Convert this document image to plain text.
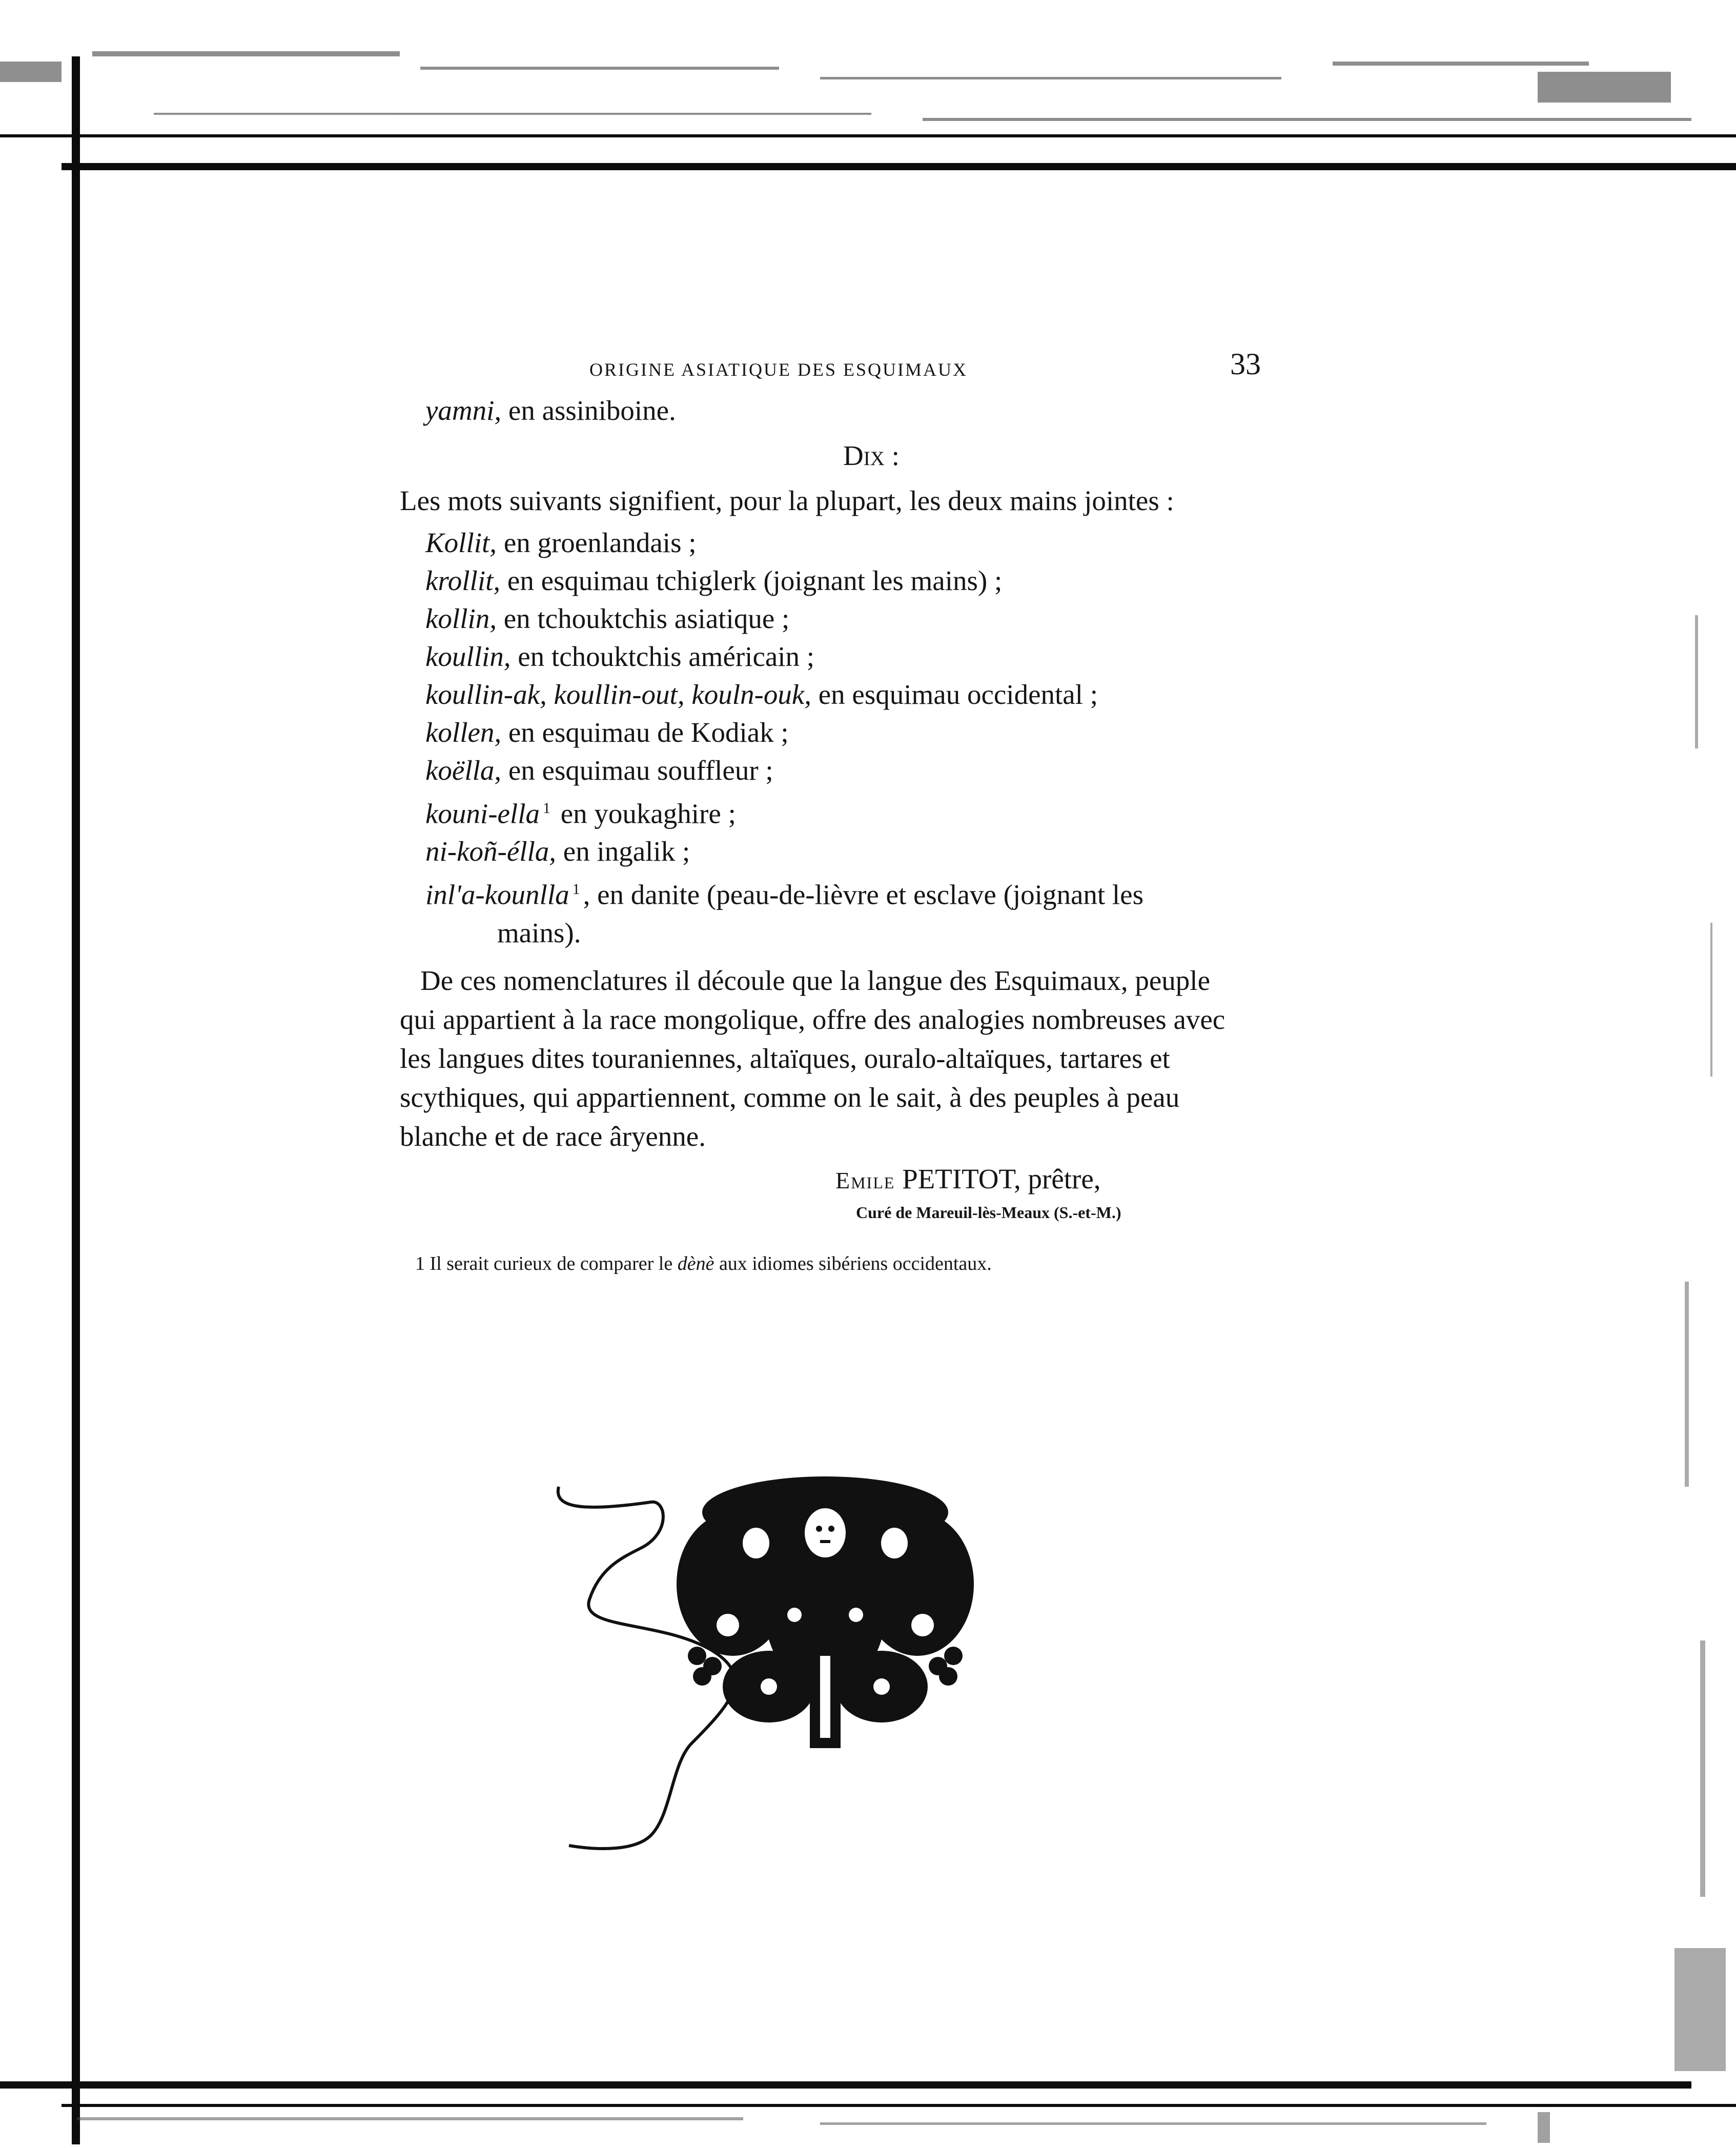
ORIGINE ASIATIQUE DES ESQUIMAUX	33
yamni, en assiniboine.
Dix :
Les mots suivants signifient, pour la plupart, les deux mains jointes :
Kollit, en groenlandais ;
krollit, en esquimau tchiglerk (joignant les mains) ;
kollin, en tchouktchis asiatique ;
koullin, en tchouktchis américain ;
koullin-ak, koullin-out, kouln-ouk, en esquimau occidental ;
kollen, en esquimau de Kodiak ;
koëlla, en esquimau souffleur ;
kouni-ella $^1$ en youkaghire ;
ni-koñ-élla, en ingalik ;
inl'a-kounlla $^1$ , en danite (peau-de-lièvre et esclave (joignant les
mains).
De ces nomenclatures il découle que la langue des Esquimaux, peuple
qui appartient à la race mongolique, offre des analogies nombreuses avec
les langues dites touraniennes, altaïques, ouralo-altaïques, tartares et
scythiques, qui appartiennent, comme on le sait, à des peuples à peau
blanche et de race âryenne.
Emile PETITOT, prêtre,
Curé de Mareuil-lès-Meaux (S.-et-M.)
1 Il serait curieux de comparer le dènè aux idiomes sibériens occidentaux.
